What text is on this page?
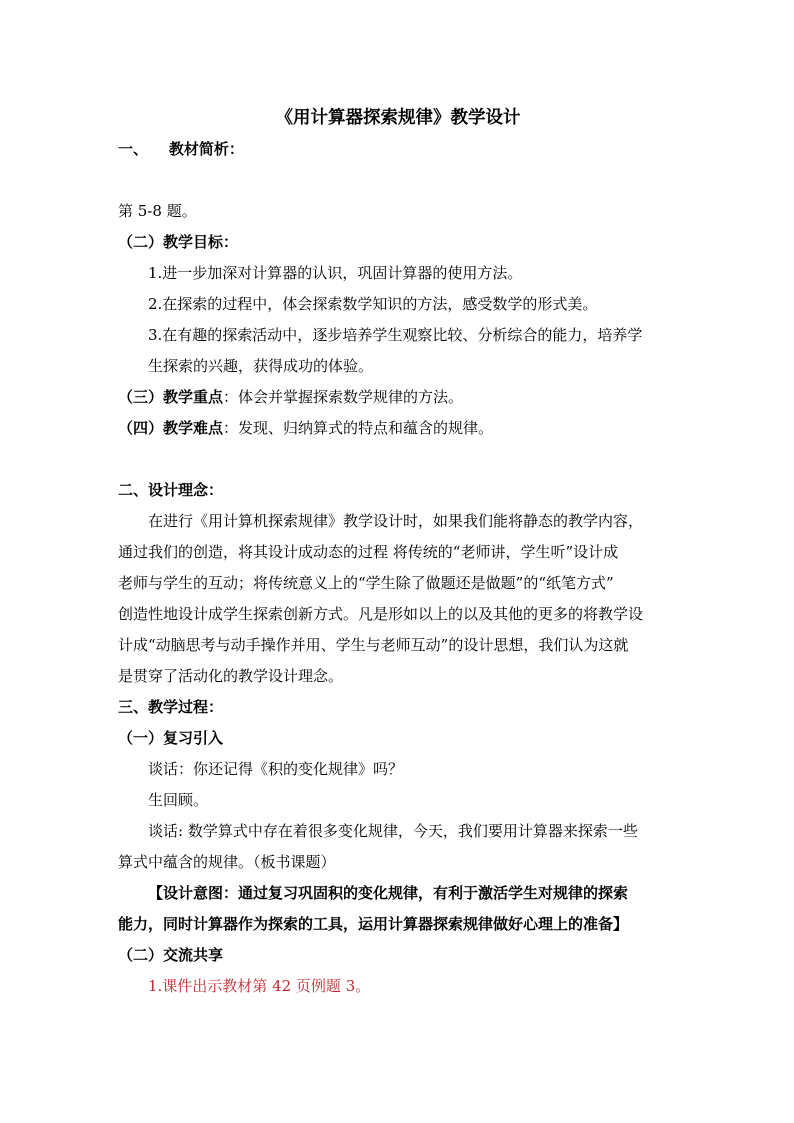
《用计算器探索规律》教学设计
一、    教材简析：

第 5-8 题。
（二）教学目标：
1.进一步加深对计算器的认识，巩固计算器的使用方法。
2.在探索的过程中，体会探索数学知识的方法，感受数学的形式美。
3.在有趣的探索活动中，逐步培养学生观察比较、分析综合的能力，培养学
生探索的兴趣，获得成功的体验。
（三）教学重点：体会并掌握探索数学规律的方法。
（四）教学难点：发现、归纳算式的特点和蕴含的规律。

二、设计理念：
在进行《用计算机探索规律》教学设计时，如果我们能将静态的教学内容，
通过我们的创造，将其设计成动态的过程 将传统的“老师讲，学生听”设计成
老师与学生的互动；将传统意义上的“学生除了做题还是做题”的“纸笔方式”
创造性地设计成学生探索创新方式。凡是形如以上的以及其他的更多的将教学设
计成“动脑思考与动手操作并用、学生与老师互动”的设计思想，我们认为这就
是贯穿了活动化的教学设计理念。
三、教学过程：
（一）复习引入
谈话：你还记得《积的变化规律》吗？
生回顾。
谈话: 数学算式中存在着很多变化规律，今天，我们要用计算器来探索一些
算式中蕴含的规律。（板书课题）
【设计意图：通过复习巩固积的变化规律，有利于激活学生对规律的探索
能力，同时计算器作为探索的工具，运用计算器探索规律做好心理上的准备】
（二）交流共享
1.课件出示教材第 42 页例题 3。
